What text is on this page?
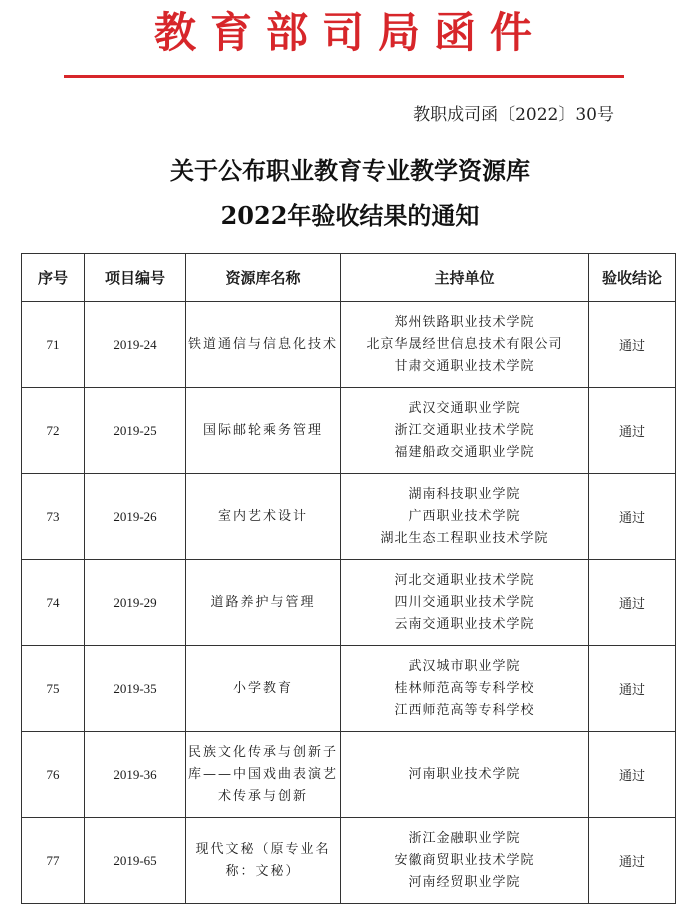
教育部司局函件
教职成司函〔2022〕30号
关于公布职业教育专业教学资源库
2022年验收结果的通知
序号	项目编号	资源库名称	主持单位	验收结论
71	2019-24	铁道通信与信息化技术	郑州铁路职业技术学院
北京华晟经世信息技术有限公司
甘肃交通职业技术学院	通过
72	2019-25	国际邮轮乘务管理	武汉交通职业学院
浙江交通职业技术学院
福建船政交通职业学院	通过
73	2019-26	室内艺术设计	湖南科技职业学院
广西职业技术学院
湖北生态工程职业技术学院	通过
74	2019-29	道路养护与管理	河北交通职业技术学院
四川交通职业技术学院
云南交通职业技术学院	通过
75	2019-35	小学教育	武汉城市职业学院
桂林师范高等专科学校
江西师范高等专科学校	通过
76	2019-36	民族文化传承与创新子库——中国戏曲表演艺术传承与创新	河南职业技术学院	通过
77	2019-65	现代文秘（原专业名称：文秘）	浙江金融职业学院
安徽商贸职业技术学院
河南经贸职业学院	通过
